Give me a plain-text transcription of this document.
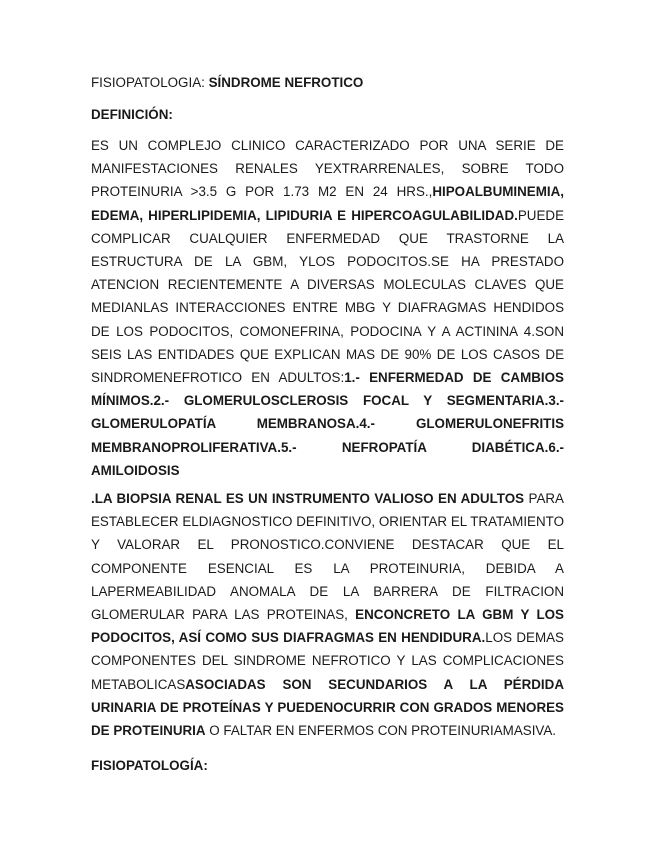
FISIOPATOLOGIA: SÍNDROME NEFROTICO

DEFINICIÓN:

ES UN COMPLEJO CLINICO CARACTERIZADO POR UNA SERIE DE MANIFESTACIONES RENALES YEXTRARRENALES, SOBRE TODO PROTEINURIA >3.5 G POR 1.73 M2 EN 24 HRS.,HIPOALBUMINEMIA, EDEMA, HIPERLIPIDEMIA, LIPIDURIA E HIPERCOAGULABILIDAD.PUEDE COMPLICAR CUALQUIER ENFERMEDAD QUE TRASTORNE LA ESTRUCTURA DE LA GBM, YLOS PODOCITOS.SE HA PRESTADO ATENCION RECIENTEMENTE A DIVERSAS MOLECULAS CLAVES QUE MEDIANLAS INTERACCIONES ENTRE MBG Y DIAFRAGMAS HENDIDOS DE LOS PODOCITOS, COMONEFRINA, PODOCINA Y A ACTININA 4.SON SEIS LAS ENTIDADES QUE EXPLICAN MAS DE 90% DE LOS CASOS DE SINDROMENEFROTICO EN ADULTOS:1.- ENFERMEDAD DE CAMBIOS MÍNIMOS.2.- GLOMERULOSCLEROSIS FOCAL Y SEGMENTARIA.3.- GLOMERULOPATÍA MEMBRANOSA.4.- GLOMERULONEFRITIS MEMBRANOPROLIFERATIVA.5.- NEFROPATÍA DIABÉTICA.6.- AMILOIDOSIS

.LA BIOPSIA RENAL ES UN INSTRUMENTO VALIOSO EN ADULTOS PARA ESTABLECER ELDIAGNOSTICO DEFINITIVO, ORIENTAR EL TRATAMIENTO Y VALORAR EL PRONOSTICO.CONVIENE DESTACAR QUE EL COMPONENTE ESENCIAL ES LA PROTEINURIA, DEBIDA A LAPERMEABILIDAD ANOMALA DE LA BARRERA DE FILTRACION GLOMERULAR PARA LAS PROTEINAS, ENCONCRETO LA GBM Y LOS PODOCITOS, ASÍ COMO SUS DIAFRAGMAS EN HENDIDURA.LOS DEMAS COMPONENTES DEL SINDROME NEFROTICO Y LAS COMPLICACIONES METABOLICASASOCIADAS SON SECUNDARIOS A LA PÉRDIDA URINARIA DE PROTEÍNAS Y PUEDENOCURRIR CON GRADOS MENORES DE PROTEINURIA O FALTAR EN ENFERMOS CON PROTEINURIAMASIVA.

FISIOPATOLOGÍA:
